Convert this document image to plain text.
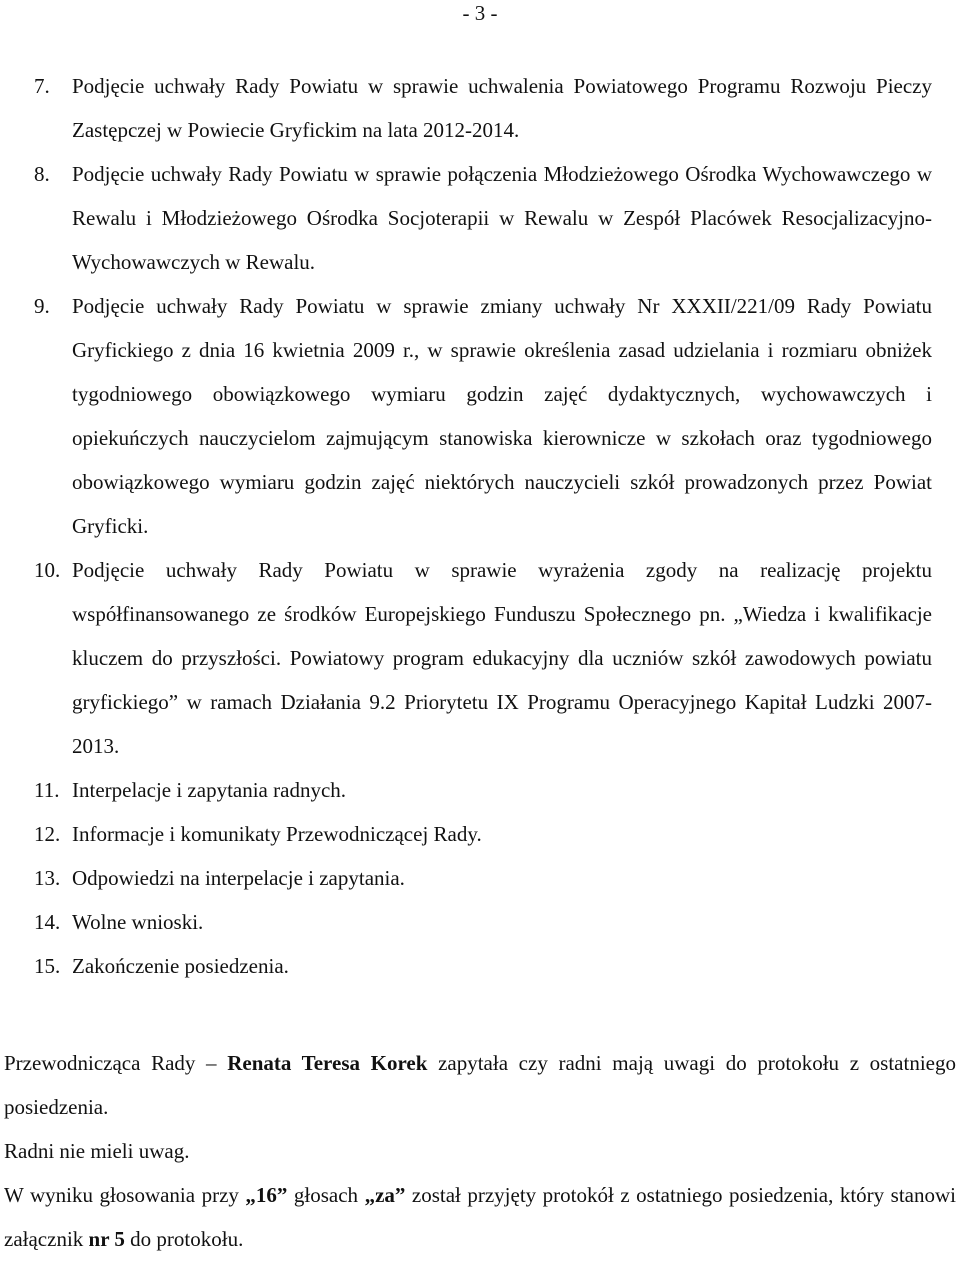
- 3 -
7.	Podjęcie uchwały Rady Powiatu w sprawie uchwalenia Powiatowego Programu Rozwoju Pieczy Zastępczej w Powiecie Gryfickim na lata 2012-2014.
8.	Podjęcie uchwały Rady Powiatu w sprawie połączenia Młodzieżowego Ośrodka Wychowawczego w Rewalu i Młodzieżowego Ośrodka Socjoterapii w Rewalu w Zespół Placówek Resocjalizacyjno-Wychowawczych w Rewalu.
9.	Podjęcie uchwały Rady Powiatu w sprawie zmiany uchwały Nr XXXII/221/09 Rady Powiatu Gryfickiego z dnia 16 kwietnia 2009 r., w sprawie określenia zasad udzielania i rozmiaru obniżek tygodniowego obowiązkowego wymiaru godzin zajęć dydaktycznych, wychowawczych i opiekuńczych nauczycielom zajmującym stanowiska kierownicze w szkołach oraz tygodniowego obowiązkowego wymiaru godzin zajęć niektórych nauczycieli szkół prowadzonych przez Powiat Gryficki.
10. Podjęcie uchwały Rady Powiatu w sprawie wyrażenia zgody na realizację projektu współfinansowanego ze środków Europejskiego Funduszu Społecznego pn. „Wiedza i kwalifikacje kluczem do przyszłości. Powiatowy program edukacyjny dla uczniów szkół zawodowych powiatu gryfickiego” w ramach Działania 9.2 Priorytetu IX Programu Operacyjnego Kapitał Ludzki 2007-2013.
11. Interpelacje i zapytania radnych.
12. Informacje i komunikaty Przewodniczącej Rady.
13. Odpowiedzi na interpelacje i zapytania.
14. Wolne wnioski.
15. Zakończenie posiedzenia.

Przewodnicząca Rady – Renata Teresa Korek zapytała czy radni mają uwagi do protokołu z ostatniego posiedzenia.

Radni nie mieli uwag.

W wyniku głosowania przy „16” głosach „za” został przyjęty protokół z ostatniego posiedzenia, który stanowi załącznik nr 5 do protokołu.
